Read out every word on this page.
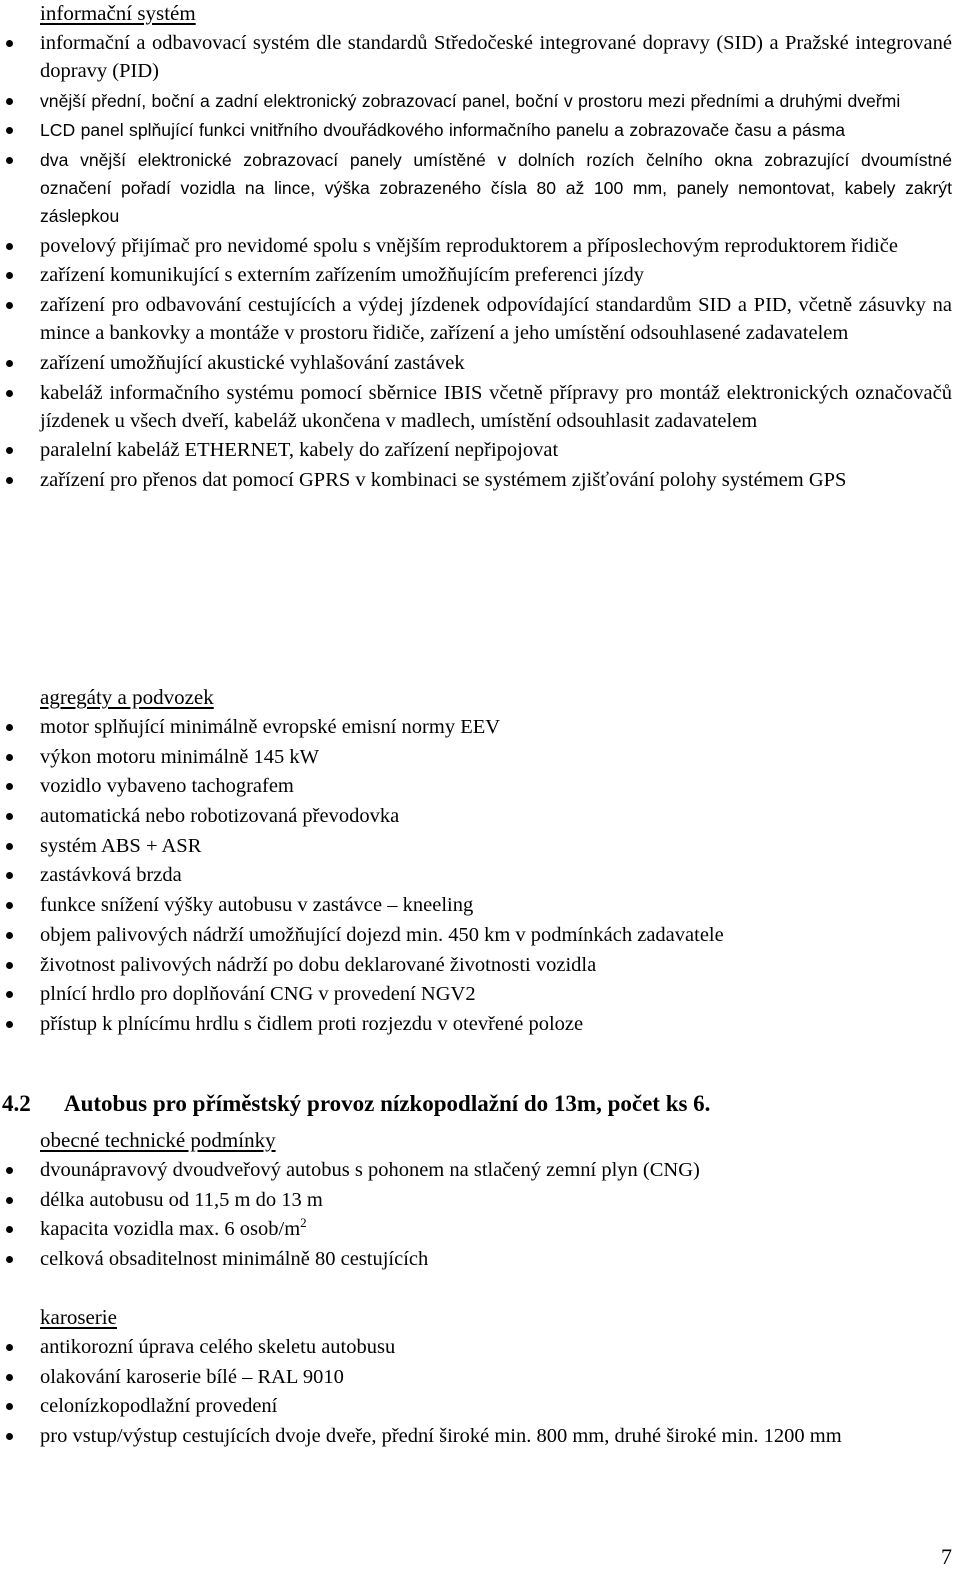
informační systém
informační a odbavovací systém dle standardů Středočeské integrované dopravy (SID) a Pražské integrované dopravy (PID)
vnější přední, boční a zadní elektronický zobrazovací panel, boční v prostoru mezi předními a druhými dveřmi
LCD panel splňující funkci vnitřního dvouřádkového informačního panelu a zobrazovače času a pásma
dva vnější elektronické zobrazovací panely umístěné v dolních rozích čelního okna zobrazující dvoumístné označení pořadí vozidla na lince, výška zobrazeného čísla 80 až 100 mm, panely nemontovat, kabely zakrýt záslepkou
povelový přijímač pro nevidomé spolu s vnějším reproduktorem a příposlechovým reproduktorem řidiče
zařízení komunikující s externím zařízením umožňujícím preferenci jízdy
zařízení pro odbavování cestujících a výdej jízdenek odpovídající standardům SID a PID, včetně zásuvky na mince a bankovky a montáže v prostoru řidiče, zařízení a jeho umístění odsouhlasené zadavatelem
zařízení umožňující akustické vyhlašování zastávek
kabeláž informačního systému pomocí sběrnice IBIS včetně přípravy pro montáž elektronických označovačů jízdenek u všech dveří, kabeláž ukončena v madlech, umístění odsouhlasit zadavatelem
paralelní kabeláž ETHERNET, kabely do zařízení nepřipojovat
zařízení pro přenos dat pomocí GPRS v kombinaci se systémem zjišťování polohy systémem GPS
agregáty a podvozek
motor splňující minimálně evropské emisní normy EEV
výkon motoru minimálně 145 kW
vozidlo vybaveno tachografem
automatická nebo robotizovaná převodovka
systém ABS + ASR
zastávková brzda
funkce snížení výšky autobusu v zastávce – kneeling
objem palivových nádrží umožňující dojezd min. 450 km v podmínkách zadavatele
životnost palivových nádrží po dobu deklarované životnosti vozidla
plnící hrdlo pro doplňování CNG v provedení NGV2
přístup k plnícímu hrdlu s čidlem proti rozjezdu v otevřené poloze
4.2 Autobus pro příměstský provoz nízkopodlažní do 13m, počet ks 6.
obecné technické podmínky
dvounápravový dvoudveřový autobus s pohonem na stlačený zemní plyn (CNG)
délka autobusu od 11,5 m do 13 m
kapacita vozidla max. 6 osob/$m^2$
celková obsaditelnost minimálně 80 cestujících
karoserie
antikorozní úprava celého skeletu autobusu
olakování karoserie bílé – RAL 9010
celonízkopodlažní provedení
pro vstup/výstup cestujících dvoje dveře, přední široké min. 800 mm, druhé široké min. 1200 mm
7
